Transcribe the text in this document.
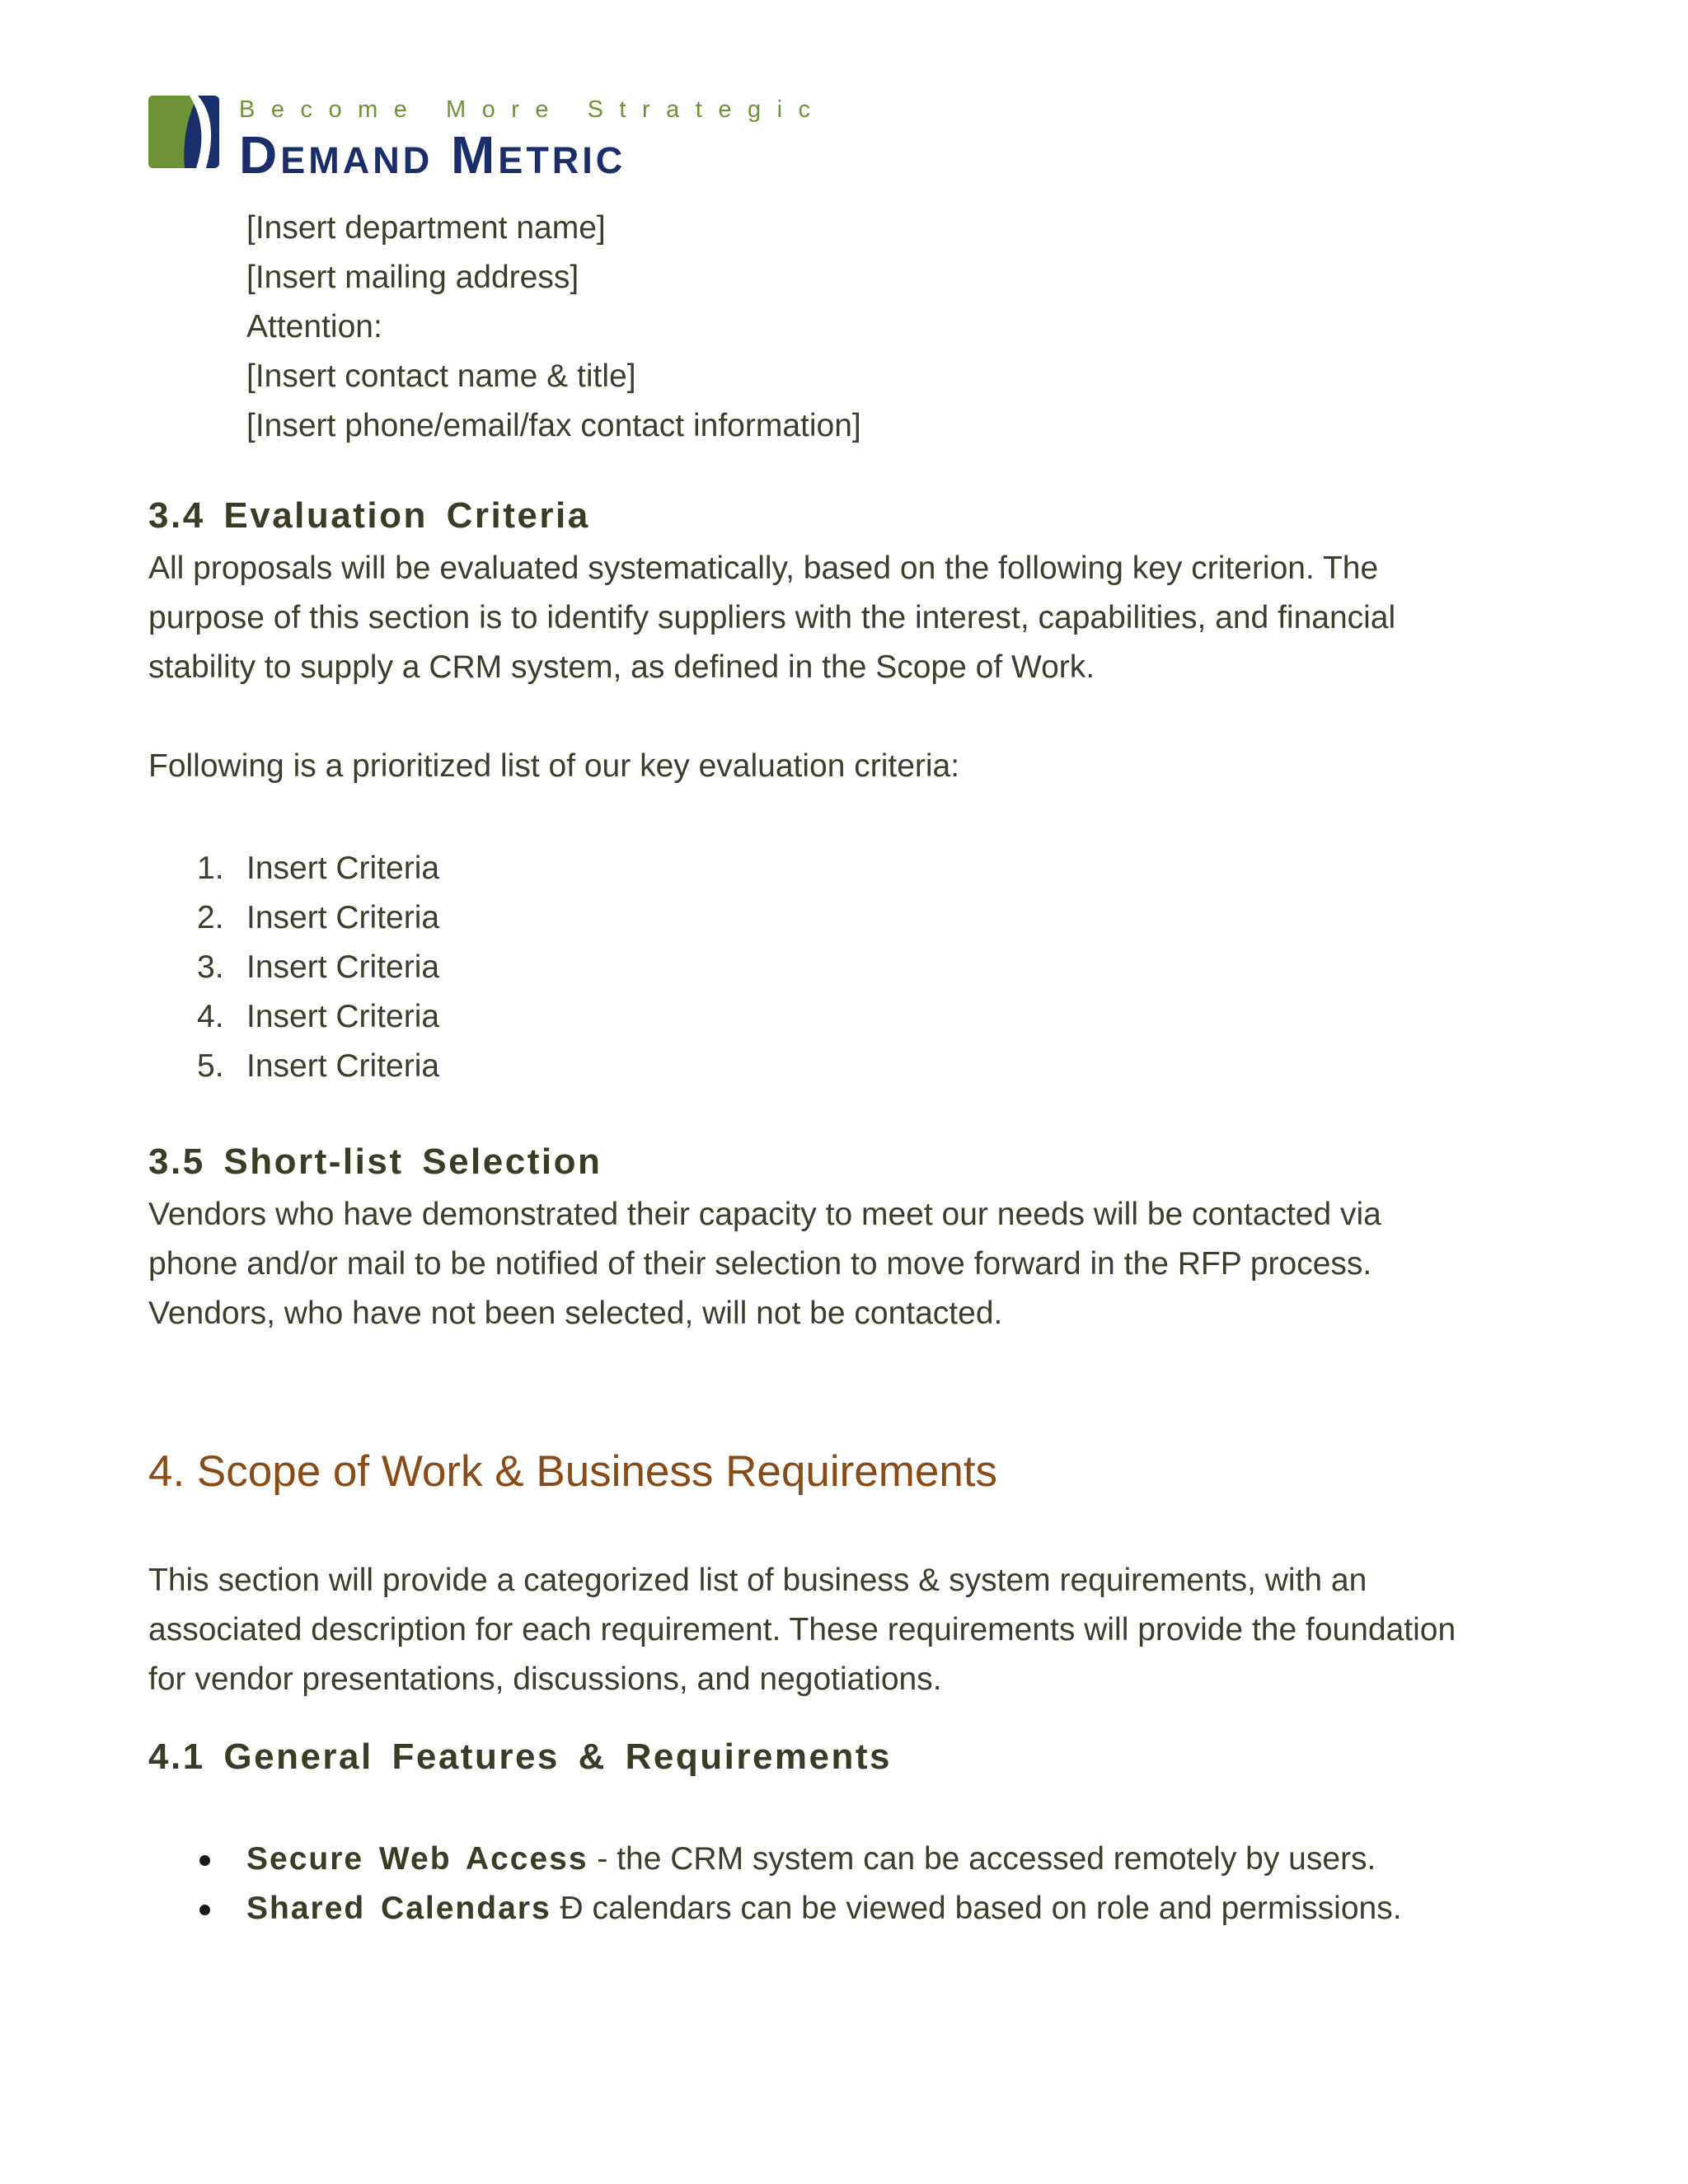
Become More Strategic
Demand Metric
[Insert department name]
[Insert mailing address]
Attention:
[Insert contact name & title]
[Insert phone/email/fax contact information]
3.4 Evaluation Criteria
All proposals will be evaluated systematically, based on the following key criterion. The
purpose of this section is to identify suppliers with the interest, capabilities, and financial
stability to supply a CRM system, as defined in the Scope of Work.
Following is a prioritized list of our key evaluation criteria:
1. Insert Criteria
2. Insert Criteria
3. Insert Criteria
4. Insert Criteria
5. Insert Criteria
3.5 Short-list Selection
Vendors who have demonstrated their capacity to meet our needs will be contacted via
phone and/or mail to be notified of their selection to move forward in the RFP process.
Vendors, who have not been selected, will not be contacted.
4. Scope of Work & Business Requirements
This section will provide a categorized list of business & system requirements, with an
associated description for each requirement. These requirements will provide the foundation
for vendor presentations, discussions, and negotiations.
4.1 General Features & Requirements
Secure Web Access - the CRM system can be accessed remotely by users.
Shared Calendars Ð calendars can be viewed based on role and permissions.
